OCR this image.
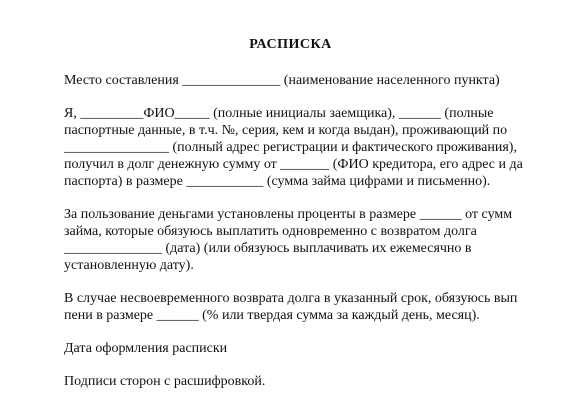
РАСПИСКА
Место составления ______________ (наименование населенного пункта)
Я, _________ФИО_____ (полные инициалы заемщика), ______ (полные
паспортные данные, в т.ч. №, серия, кем и когда выдан), проживающий по
_______________ (полный адрес регистрации и фактического проживания),
получил в долг денежную сумму от _______ (ФИО кредитора, его адрес и да
паспорта) в размере ___________ (сумма займа цифрами и письменно).
За пользование деньгами установлены проценты в размере ______ от сумм
займа, которые обязуюсь выплатить одновременно с возвратом долга
______________ (дата) (или обязуюсь выплачивать их ежемесячно в
установленную дату).
В случае несвоевременного возврата долга в указанный срок, обязуюсь вып
пени в размере ______ (% или твердая сумма за каждый день, месяц).
Дата оформления расписки
Подписи сторон с расшифровкой.
